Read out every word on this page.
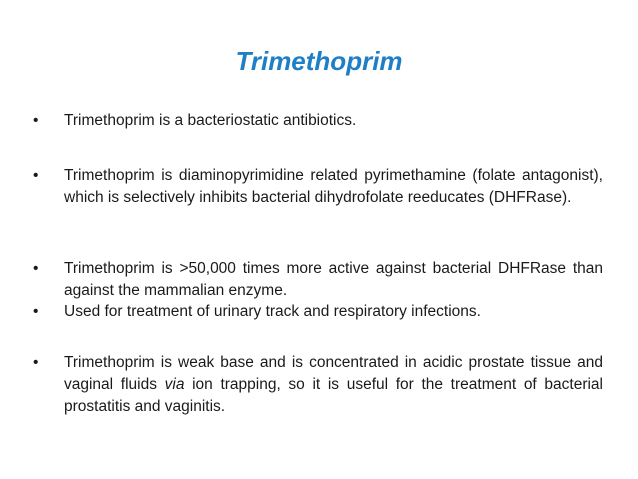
Trimethoprim
•	Trimethoprim is a bacteriostatic antibiotics.
•	Trimethoprim is diaminopyrimidine related pyrimethamine (folate antagonist), which is selectively inhibits bacterial dihydrofolate reeducates (DHFRase).
•	Trimethoprim is >50,000 times more active against bacterial DHFRase than against the mammalian enzyme.
•	Used for treatment of urinary track and respiratory infections.
•	Trimethoprim is weak base and is concentrated in acidic prostate tissue and vaginal fluids via ion trapping, so it is useful for the treatment of bacterial prostatitis and vaginitis.
